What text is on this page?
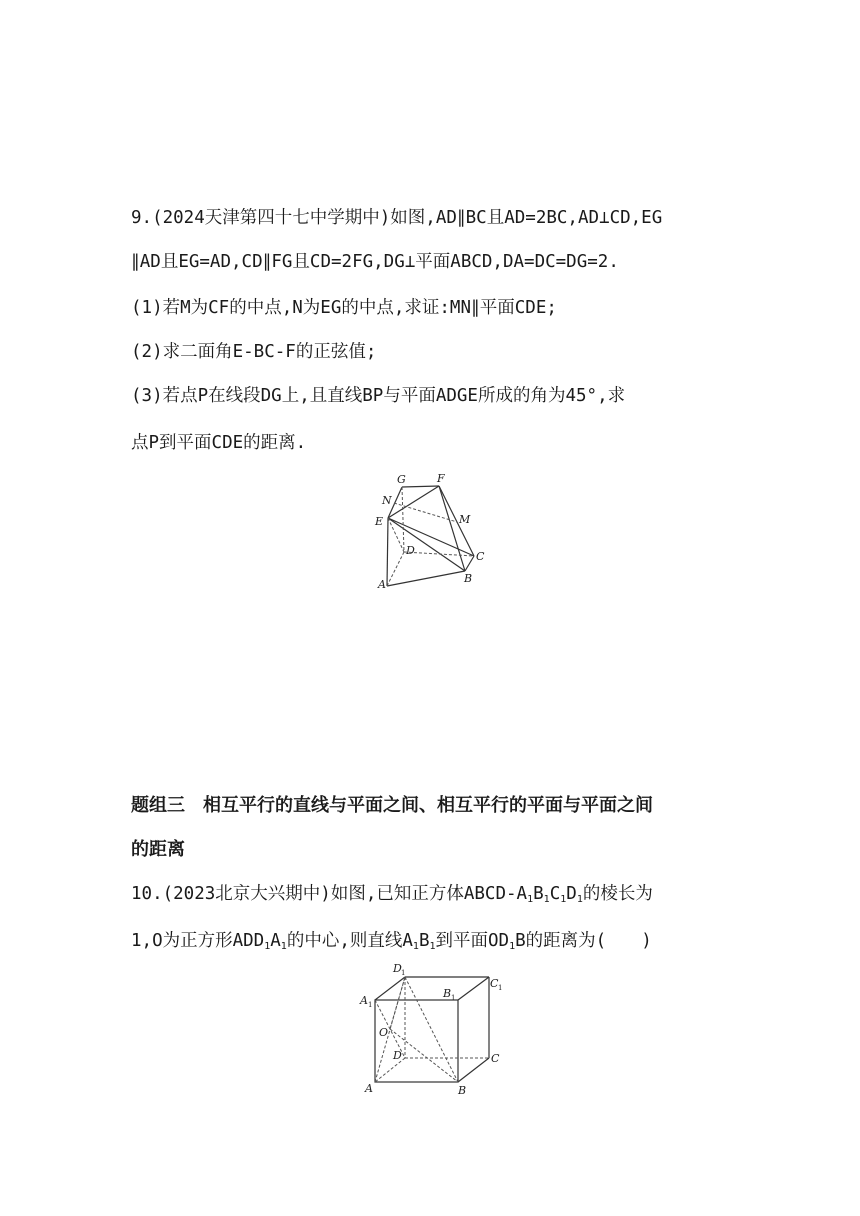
9.(2024天津第四十七中学期中)如图,AD∥BC且AD=2BC,AD⊥CD,EG
∥AD且EG=AD,CD∥FG且CD=2FG,DG⊥平面ABCD,DA=DC=DG=2.
(1)若M为CF的中点,N为EG的中点,求证:MN∥平面CDE;
(2)求二面角E-BC-F的正弦值;
(3)若点P在线段DG上,且直线BP与平面ADGE所成的角为45°,求
点P到平面CDE的距离.
G	F
N
E	M
D	C
A	B
题组三　相互平行的直线与平面之间、相互平行的平面与平面之间
的距离
10.(2023北京大兴期中)如图,已知正方体ABCD-A1B1C1D1的棱长为
1,O为正方形ADD1A1的中心,则直线A1B1到平面OD1B的距离为(　　)
D 1
C 1
A 1
B 1
O
D	C
A	B
